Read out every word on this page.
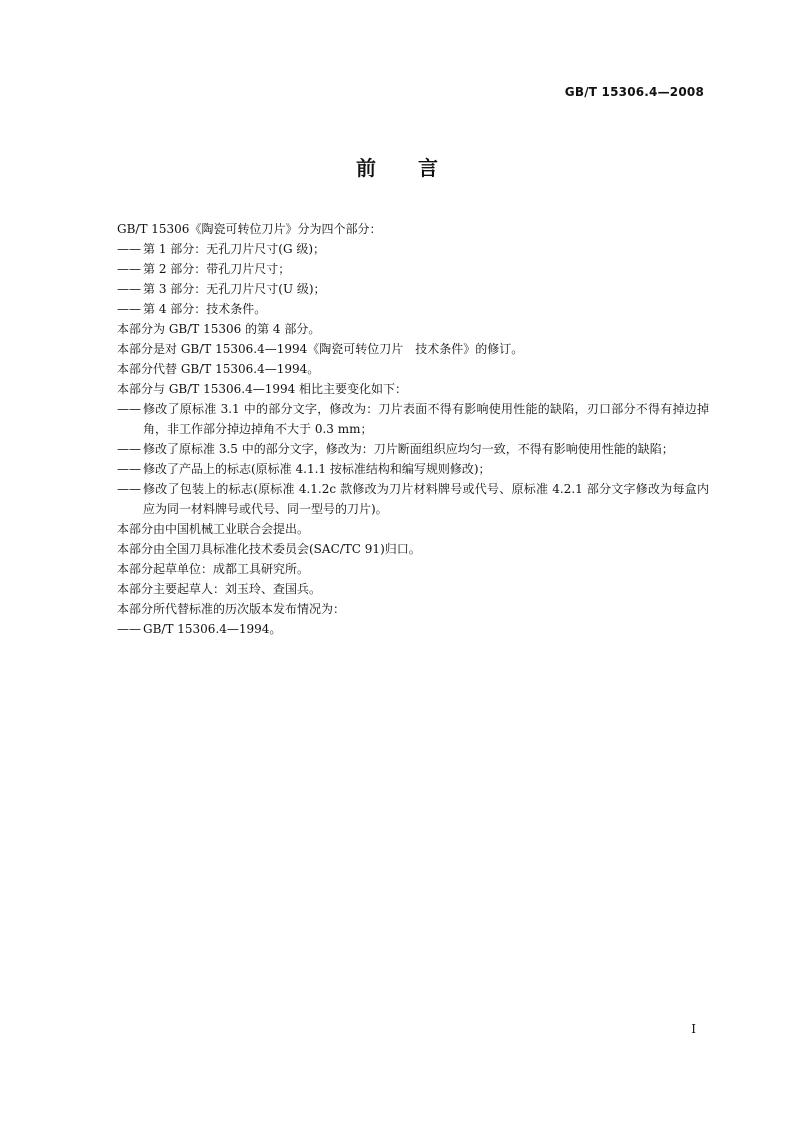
GB/T 15306.4—2008
前言
GB/T 15306《陶瓷可转位刀片》分为四个部分：
—— 第 1 部分：无孔刀片尺寸(G 级)；
—— 第 2 部分：带孔刀片尺寸；
—— 第 3 部分：无孔刀片尺寸(U 级)；
—— 第 4 部分：技术条件。
本部分为 GB/T 15306 的第 4 部分。
本部分是对 GB/T 15306.4—1994《陶瓷可转位刀片　技术条件》的修订。
本部分代替 GB/T 15306.4—1994。
本部分与 GB/T 15306.4—1994 相比主要变化如下：
—— 修改了原标准 3.1 中的部分文字，修改为：刀片表面不得有影响使用性能的缺陷，刃口部分不得有掉边掉角，非工作部分掉边掉角不大于 0.3 mm；
—— 修改了原标准 3.5 中的部分文字，修改为：刀片断面组织应均匀一致，不得有影响使用性能的缺陷；
—— 修改了产品上的标志(原标准 4.1.1 按标准结构和编写规则修改)；
—— 修改了包装上的标志(原标准 4.1.2c 款修改为刀片材料牌号或代号、原标准 4.2.1 部分文字修改为每盒内应为同一材料牌号或代号、同一型号的刀片)。
本部分由中国机械工业联合会提出。
本部分由全国刀具标准化技术委员会(SAC/TC 91)归口。
本部分起草单位：成都工具研究所。
本部分主要起草人：刘玉玲、查国兵。
本部分所代替标准的历次版本发布情况为：
—— GB/T 15306.4—1994。
I
